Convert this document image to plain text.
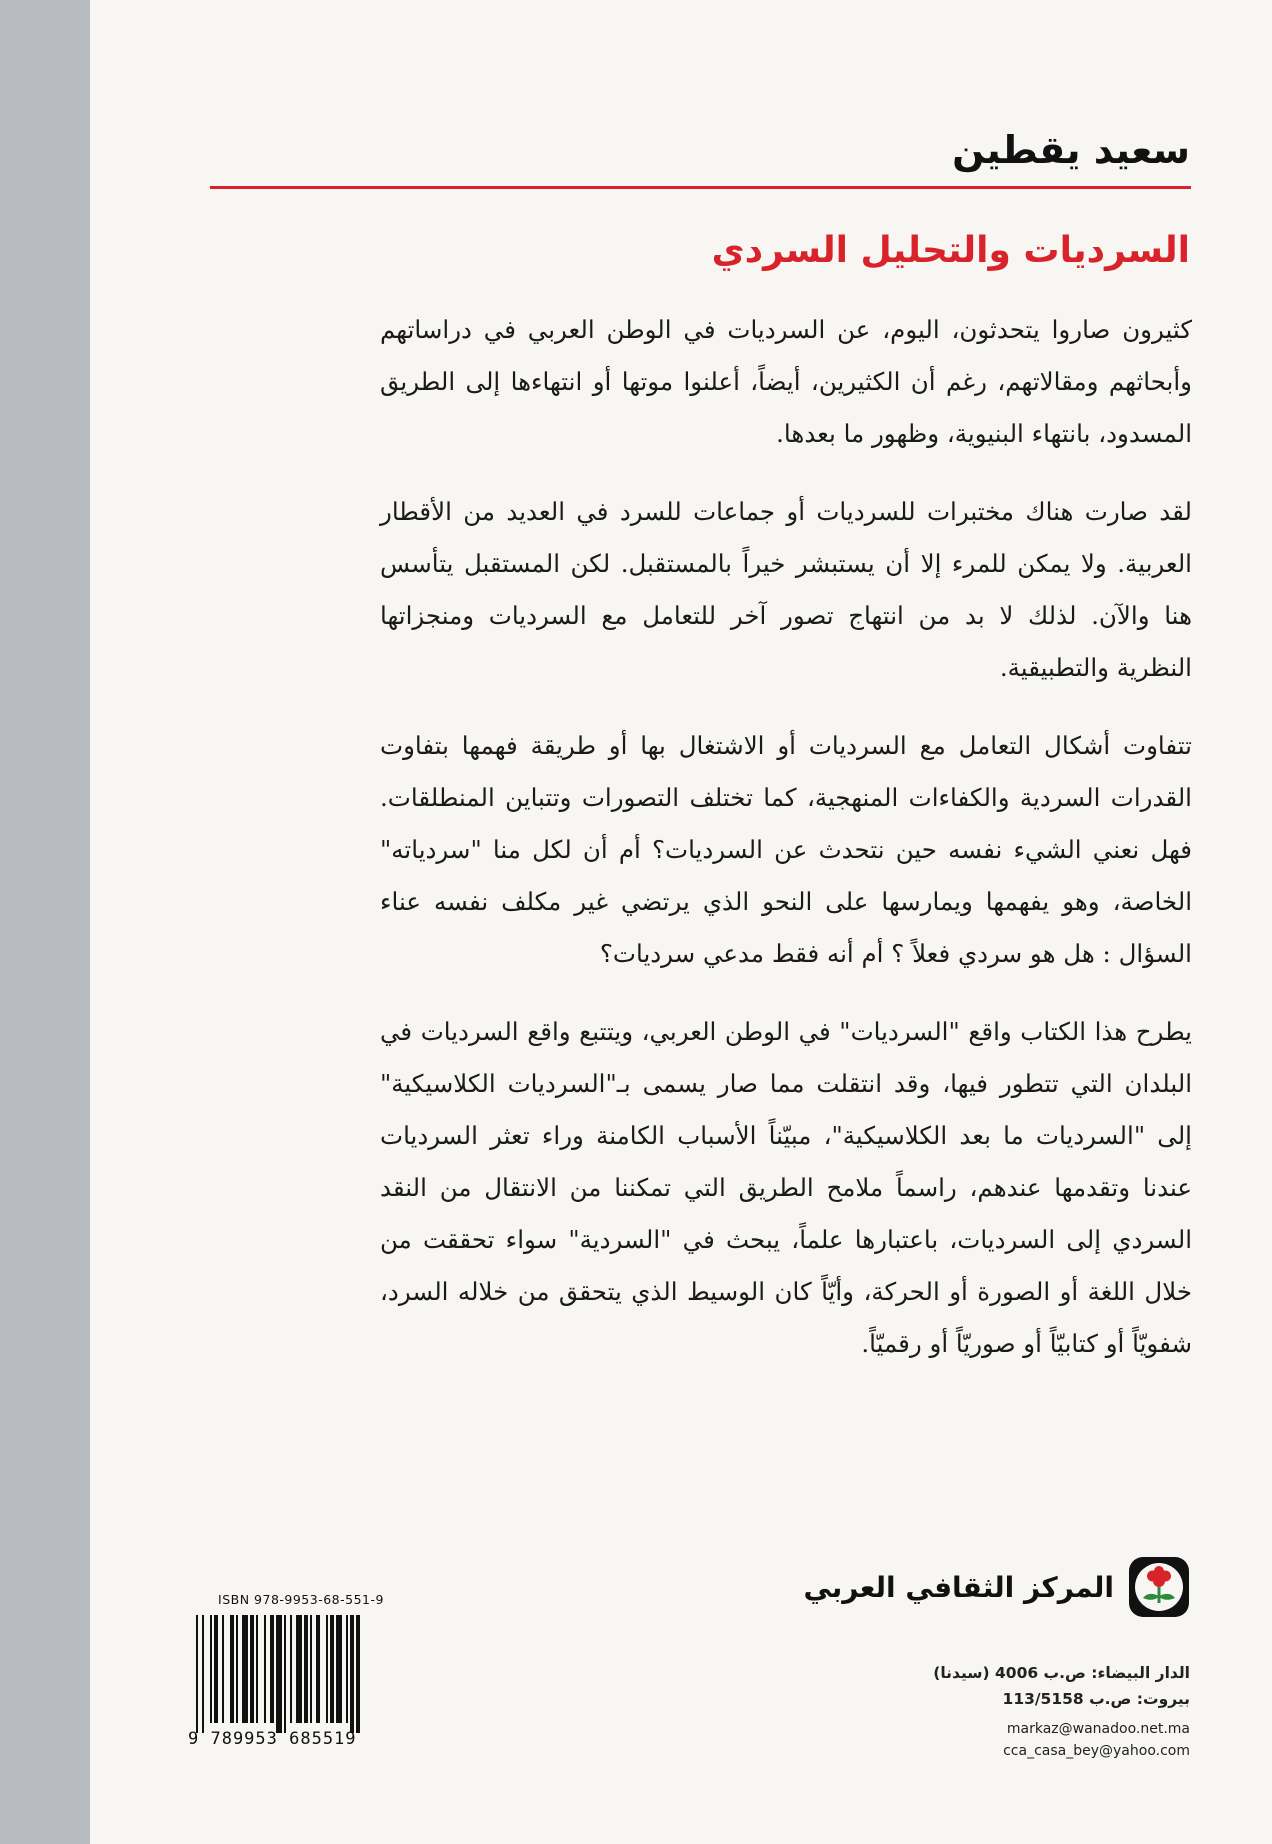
سعيد يقطين
السرديات والتحليل السردي

كثيرون صاروا يتحدثون، اليوم، عن السرديات في الوطن العربي في دراساتهم وأبحاثهم ومقالاتهم، رغم أن الكثيرين، أيضاً، أعلنوا موتها أو انتهاءها إلى الطريق المسدود، بانتهاء البنيوية، وظهور ما بعدها.

لقد صارت هناك مختبرات للسرديات أو جماعات للسرد في العديد من الأقطار العربية. ولا يمكن للمرء إلا أن يستبشر خيراً بالمستقبل. لكن المستقبل يتأسس هنا والآن. لذلك لا بد من انتهاج تصور آخر للتعامل مع السرديات ومنجزاتها النظرية والتطبيقية.

تتفاوت أشكال التعامل مع السرديات أو الاشتغال بها أو طريقة فهمها بتفاوت القدرات السردية والكفاءات المنهجية، كما تختلف التصورات وتتباين المنطلقات. فهل نعني الشيء نفسه حين نتحدث عن السرديات؟ أم أن لكل منا "سردياته" الخاصة، وهو يفهمها ويمارسها على النحو الذي يرتضي غير مكلف نفسه عناء السؤال : هل هو سردي فعلاً ؟ أم أنه فقط مدعي سرديات؟

يطرح هذا الكتاب واقع "السرديات" في الوطن العربي، ويتتبع واقع السرديات في البلدان التي تتطور فيها، وقد انتقلت مما صار يسمى بـ"السرديات الكلاسيكية" إلى "السرديات ما بعد الكلاسيكية"، مبيّناً الأسباب الكامنة وراء تعثر السرديات عندنا وتقدمها عندهم، راسماً ملامح الطريق التي تمكننا من الانتقال من النقد السردي إلى السرديات، باعتبارها علماً، يبحث في "السردية" سواء تحققت من خلال اللغة أو الصورة أو الحركة، وأيّاً كان الوسيط الذي يتحقق من خلاله السرد، شفويّاً أو كتابيّاً أو صوريّاً أو رقميّاً.

المركز الثقافي العربي
الدار البيضاء: ص.ب 4006 (سيدنا)
بيروت: ص.ب 113/5158
markaz@wanadoo.net.ma
cca_casa_bey@yahoo.com
ISBN 978-9953-68-551-9
9 789953 685519
